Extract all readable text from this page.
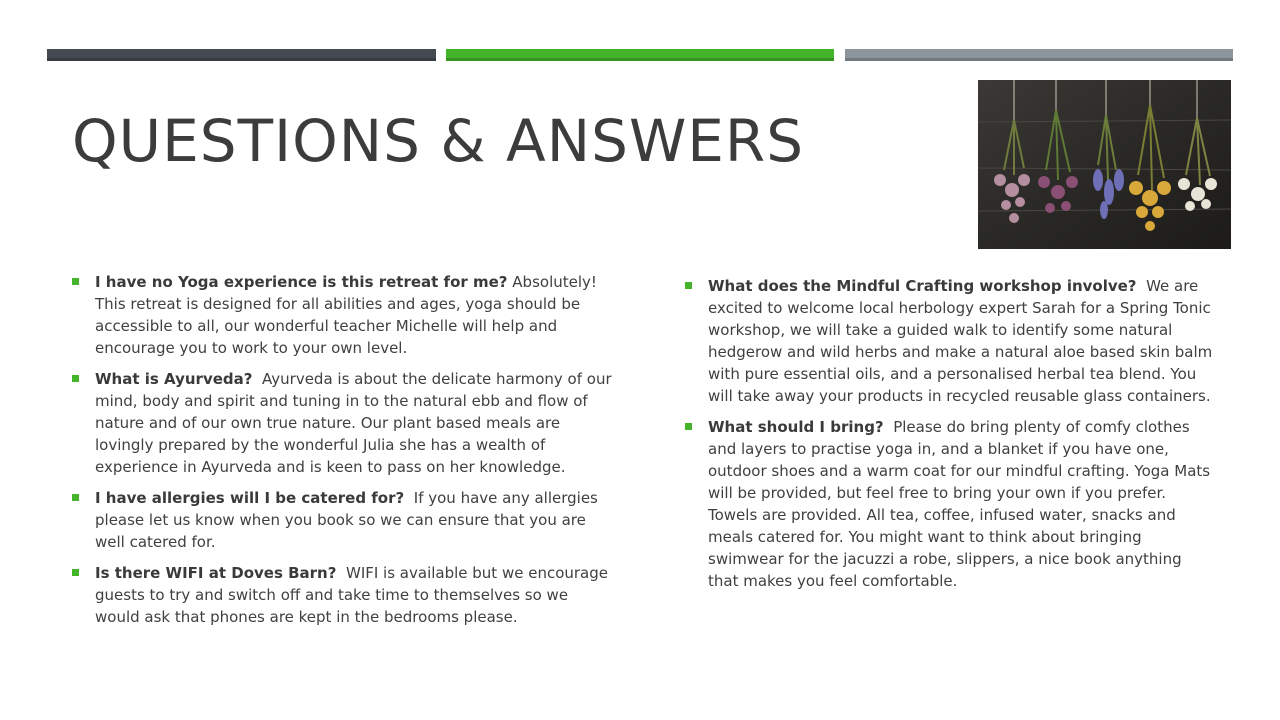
QUESTIONS & ANSWERS
I have no Yoga experience is this retreat for me? Absolutely! This retreat is designed for all abilities and ages, yoga should be accessible to all, our wonderful teacher Michelle will help and encourage you to work to your own level.
What is Ayurveda? Ayurveda is about the delicate harmony of our mind, body and spirit and tuning in to the natural ebb and flow of nature and of our own true nature. Our plant based meals are lovingly prepared by the wonderful Julia she has a wealth of experience in Ayurveda and is keen to pass on her knowledge.
I have allergies will I be catered for? If you have any allergies please let us know when you book so we can ensure that you are well catered for.
Is there WIFI at Doves Barn? WIFI is available but we encourage guests to try and switch off and take time to themselves so we would ask that phones are kept in the bedrooms please.
What does the Mindful Crafting workshop involve? We are excited to welcome local herbology expert Sarah for a Spring Tonic workshop, we will take a guided walk to identify some natural hedgerow and wild herbs and make a natural aloe based skin balm with pure essential oils, and a personalised herbal tea blend. You will take away your products in recycled reusable glass containers.
What should I bring? Please do bring plenty of comfy clothes and layers to practise yoga in, and a blanket if you have one, outdoor shoes and a warm coat for our mindful crafting. Yoga Mats will be provided, but feel free to bring your own if you prefer. Towels are provided. All tea, coffee, infused water, snacks and meals catered for. You might want to think about bringing swimwear for the jacuzzi a robe, slippers, a nice book anything that makes you feel comfortable.
